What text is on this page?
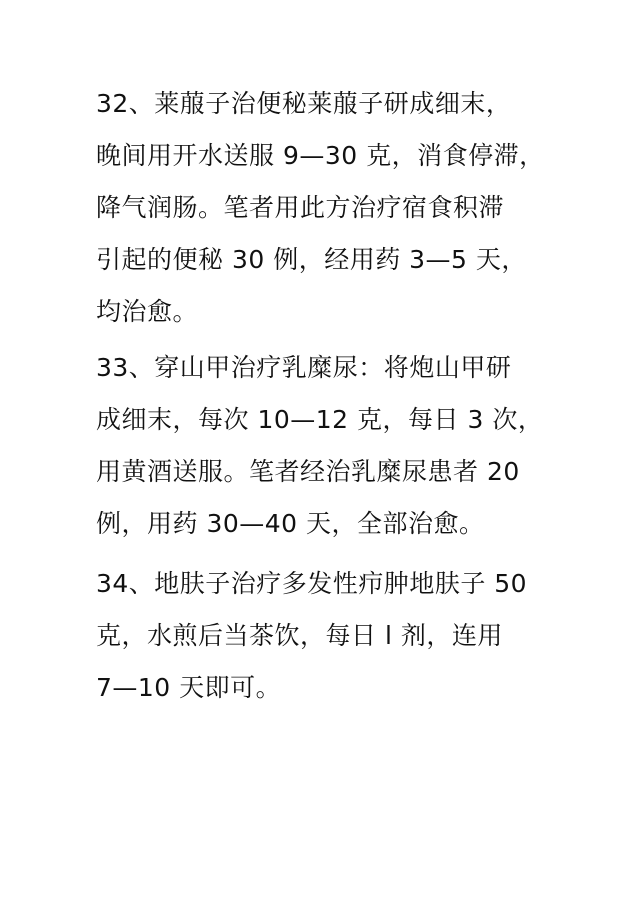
32、莱菔子治便秘莱菔子研成细末，
晚间用开水送服 9—30 克，消食停滞，
降气润肠。笔者用此方治疗宿食积滞
引起的便秘 30 例，经用药 3—5 天，
均治愈。
33、穿山甲治疗乳糜尿：将炮山甲研
成细末，每次 10—12 克，每日 3 次，
用黄酒送服。笔者经治乳糜尿患者 20
例，用药 30—40 天，全部治愈。
34、地肤子治疗多发性疖肿地肤子 50
克，水煎后当茶饮，每日 l 剂，连用
7—10 天即可。
